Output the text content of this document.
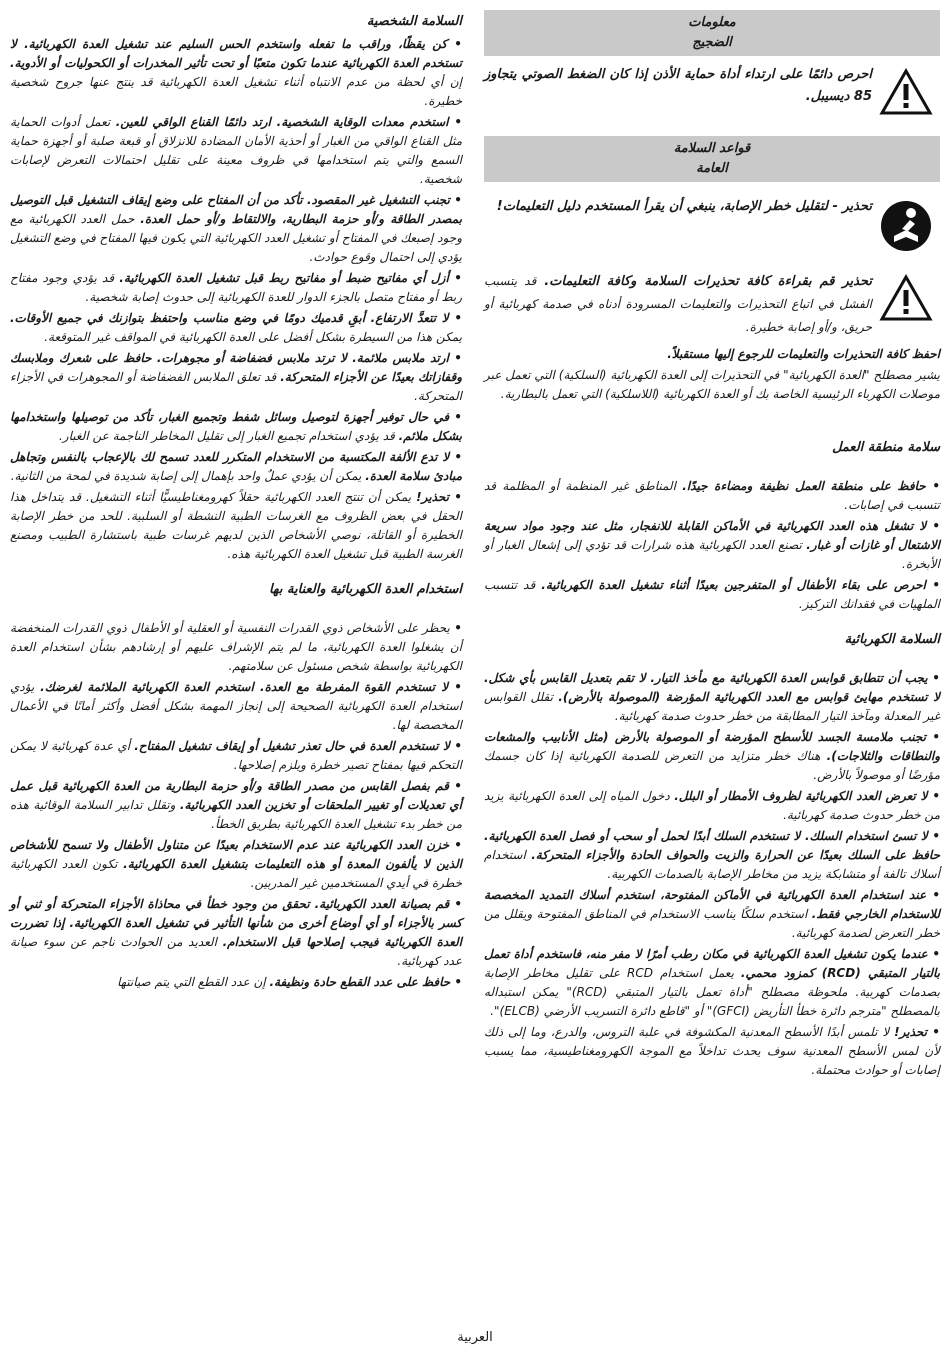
معلومات
الضجيج
احرص دائمًا على ارتداء أداة حماية الأذن إذا كان الضغط الصوتي يتجاوز 85 ديسيبل.
قواعد السلامة
العامة
تحذير - لتقليل خطر الإصابة، ينبغي أن يقرأ المستخدم دليل التعليمات!
تحذير قم بقراءة كافة تحذيرات السلامة وكافة التعليمات. قد يتسبب الفشل في اتباع التحذيرات والتعليمات المسرودة أدناه في صدمة كهربائية أو حريق، و/أو إصابة خطيرة.

احفظ كافة التحذيرات والتعليمات للرجوع إليها مستقبلاً.

يشير مصطلح "العدة الكهربائية" في التحذيرات إلى العدة الكهربائية (السلكية) التي تعمل عبر موصلات الكهرباء الرئيسية الخاصة بك أو العدة الكهربائية (اللاسلكية) التي تعمل بالبطارية.

سلامة منطقة العمل

• حافظ على منطقة العمل نظيفة ومضاءة جيدًا. المناطق غير المنظمة أو المظلمة قد تتسبب في إصابات.

• لا تشغل هذه العدد الكهربائية في الأماكن القابلة للانفجار، مثل عند وجود مواد سريعة الاشتعال أو غازات أو غبار. تصنع العدد الكهربائية هذه شرارات قد تؤدي إلى إشعال الغبار أو الأبخرة.

• احرص على بقاء الأطفال أو المتفرجين بعيدًا أثناء تشغيل العدة الكهربائية. قد تتسبب الملهيات في فقدانك التركيز.

السلامة الكهربائية

• يجب أن تتطابق قوابس العدة الكهربائية مع مأخذ التيار. لا تقم بتعديل القابس بأي شكل. لا تستخدم مهايئ قوابس مع العدد الكهربائية المؤرضة (الموصولة بالأرض). تقلل القوابس غير المعدلة ومآخذ التيار المطابقة من خطر حدوث صدمة كهربائية.

• تجنب ملامسة الجسد للأسطح المؤرضة أو الموصولة بالأرض (مثل الأنابيب والمشعات والنطاقات والثلاجات). هناك خطر متزايد من التعرض للصدمة الكهربائية إذا كان جسمك مؤرضًا أو موصولاً بالأرض.

• لا تعرض العدد الكهربائية لظروف الأمطار أو البلل. دخول المياه إلى العدة الكهربائية يزيد من خطر حدوث صدمة كهربائية.

• لا تسئ استخدام السلك. لا تستخدم السلك أبدًا لحمل أو سحب أو فصل العدة الكهربائية. حافظ على السلك بعيدًا عن الحرارة والزيت والحواف الحادة والأجزاء المتحركة. استخدام أسلاك تالفة أو متشابكة يزيد من مخاطر الإصابة بالصدمات الكهربية.

• عند استخدام العدة الكهربائية في الأماكن المفتوحة، استخدم أسلاك التمديد المخصصة للاستخدام الخارجي فقط. استخدم سلكًا يناسب الاستخدام في المناطق المفتوحة ويقلل من خطر التعرض لصدمة كهربائية.

• عندما يكون تشغيل العدة الكهربائية في مكان رطب أمرًا لا مفر منه، فاستخدم أداة تعمل بالتيار المتبقي (RCD) كمزود محمي. يعمل استخدام RCD على تقليل مخاطر الإصابة بصدمات كهربية. ملحوظة مصطلح "أداة تعمل بالتيار المتبقي (RCD)" يمكن استبداله بالمصطلح "مترجم دائرة خطأ التأريض (GFCI)" أو "قاطع دائرة التسريب الأرضي (ELCB)".

• تحذير! لا تلمس أبدًا الأسطح المعدنية المكشوفة في علبة التروس، والدرع، وما إلى ذلك لأن لمس الأسطح المعدنية سوف يحدث تداخلاً مع الموجة الكهرومغناطيسية، مما يسبب إصابات أو حوادث محتملة.

السلامة الشخصية

• كن يقظًا، وراقب ما تفعله واستخدم الحس السليم عند تشغيل العدة الكهربائية. لا تستخدم العدة الكهربائية عندما تكون متعبًا أو تحت تأثير المخدرات أو الكحوليات أو الأدوية. إن أي لحظة من عدم الانتباه أثناء تشغيل العدة الكهربائية قد ينتج عنها جروح شخصية خطيرة.

• استخدم معدات الوقاية الشخصية. ارتد دائمًا القناع الواقي للعين. تعمل أدوات الحماية مثل القناع الواقي من الغبار أو أحذية الأمان المضادة للانزلاق أو قبعة صلبة أو أجهزة حماية السمع والتي يتم استخدامها في ظروف معينة على تقليل احتمالات التعرض لإصابات شخصية.

• تجنب التشغيل غير المقصود. تأكد من أن المفتاح على وضع إيقاف التشغيل قبل التوصيل بمصدر الطاقة و/أو حزمة البطارية، والالتقاط و/أو حمل العدة. حمل العدد الكهربائية مع وجود إصبعك في المفتاح أو تشغيل العدد الكهربائية التي يكون فيها المفتاح في وضع التشغيل يؤدي إلى احتمال وقوع حوادث.

• أزل أي مفاتيح ضبط أو مفاتيح ربط قبل تشغيل العدة الكهربائية. قد يؤدي وجود مفتاح ربط أو مفتاح متصل بالجزء الدوار للعدة الكهربائية إلى حدوث إصابة شخصية.

• لا تتعدَّ الارتفاع. أبقِ قدميك دومًا في وضع مناسب واحتفظ بتوازنك في جميع الأوقات. يمكن هذا من السيطرة بشكل أفضل على العدة الكهربائية في المواقف غير المتوقعة.

• ارتد ملابس ملائمة. لا ترتد ملابس فضفاضة أو مجوهرات. حافظ على شعرك وملابسك وقفازاتك بعيدًا عن الأجزاء المتحركة. قد تعلق الملابس الفضفاضة أو المجوهرات في الأجزاء المتحركة.

• في حال توفير أجهزة لتوصيل وسائل شفط وتجميع الغبار، تأكد من توصيلها واستخدامها بشكل ملائم. قد يؤدي استخدام تجميع الغبار إلى تقليل المخاطر الناجمة عن الغبار.

• لا تدع الألفة المكتسبة من الاستخدام المتكرر للعدد تسمح لك بالإعجاب بالنفس وتجاهل مبادئ سلامة العدة. يمكن أن يؤدي عملٌ واحد بإهمال إلى إصابة شديدة في لمحة من الثانية.

• تحذير! يمكن أن تنتج العدد الكهربائية حقلاً كهرومغناطيسيًّا أثناء التشغيل. قد يتداخل هذا الحقل في بعض الظروف مع الغرسات الطبية النشطة أو السلبية. للحد من خطر الإصابة الخطيرة أو القاتلة، نوصي الأشخاص الذين لديهم غرسات طبية باستشارة الطبيب ومصنع الغرسة الطبية قبل تشغيل العدة الكهربائية هذه.

استخدام العدة الكهربائية والعناية بها

• يحظر على الأشخاص ذوي القدرات النفسية أو العقلية أو الأطفال ذوي القدرات المنخفضة أن يشغلوا العدة الكهربائية، ما لم يتم الإشراف عليهم أو إرشادهم بشأن استخدام العدة الكهربائية بواسطة شخص مسئول عن سلامتهم.

• لا تستخدم القوة المفرطة مع العدة. استخدم العدة الكهربائية الملائمة لغرضك. يؤدي استخدام العدة الكهربائية الصحيحة إلى إنجاز المهمة بشكل أفضل وأكثر أمانًا في الأعمال المخصصة لها.

• لا تستخدم العدة في حال تعذر تشغيل أو إيقاف تشغيل المفتاح. أي عدة كهربائية لا يمكن التحكم فيها بمفتاح تصير خطرة ويلزم إصلاحها.

• قم بفصل القابس من مصدر الطاقة و/أو حزمة البطارية من العدة الكهربائية قبل عمل أي تعديلات أو تغيير الملحقات أو تخزين العدد الكهربائية. وتقلل تدابير السلامة الوقائية هذه من خطر بدء تشغيل العدة الكهربائية بطريق الخطأ.

• خزن العدد الكهربائية عند عدم الاستخدام بعيدًا عن متناول الأطفال ولا تسمح للأشخاص الذين لا يألفون المعدة أو هذه التعليمات بتشغيل العدة الكهربائية. تكون العدد الكهربائية خطرة في أيدي المستخدمين غير المدربين.

• قم بصيانة العدد الكهربائية. تحقق من وجود خطأ في محاذاة الأجزاء المتحركة أو ثني أو كسر بالأجزاء أو أي أوضاع أخرى من شأنها التأثير في تشغيل العدة الكهربائية. إذا تضررت العدة الكهربائية فيجب إصلاحها قبل الاستخدام. العديد من الحوادث ناجم عن سوء صيانة عدد كهربائية.

• حافظ على عدد القطع حادة ونظيفة. إن عدد القطع التي يتم صيانتها

العربية
